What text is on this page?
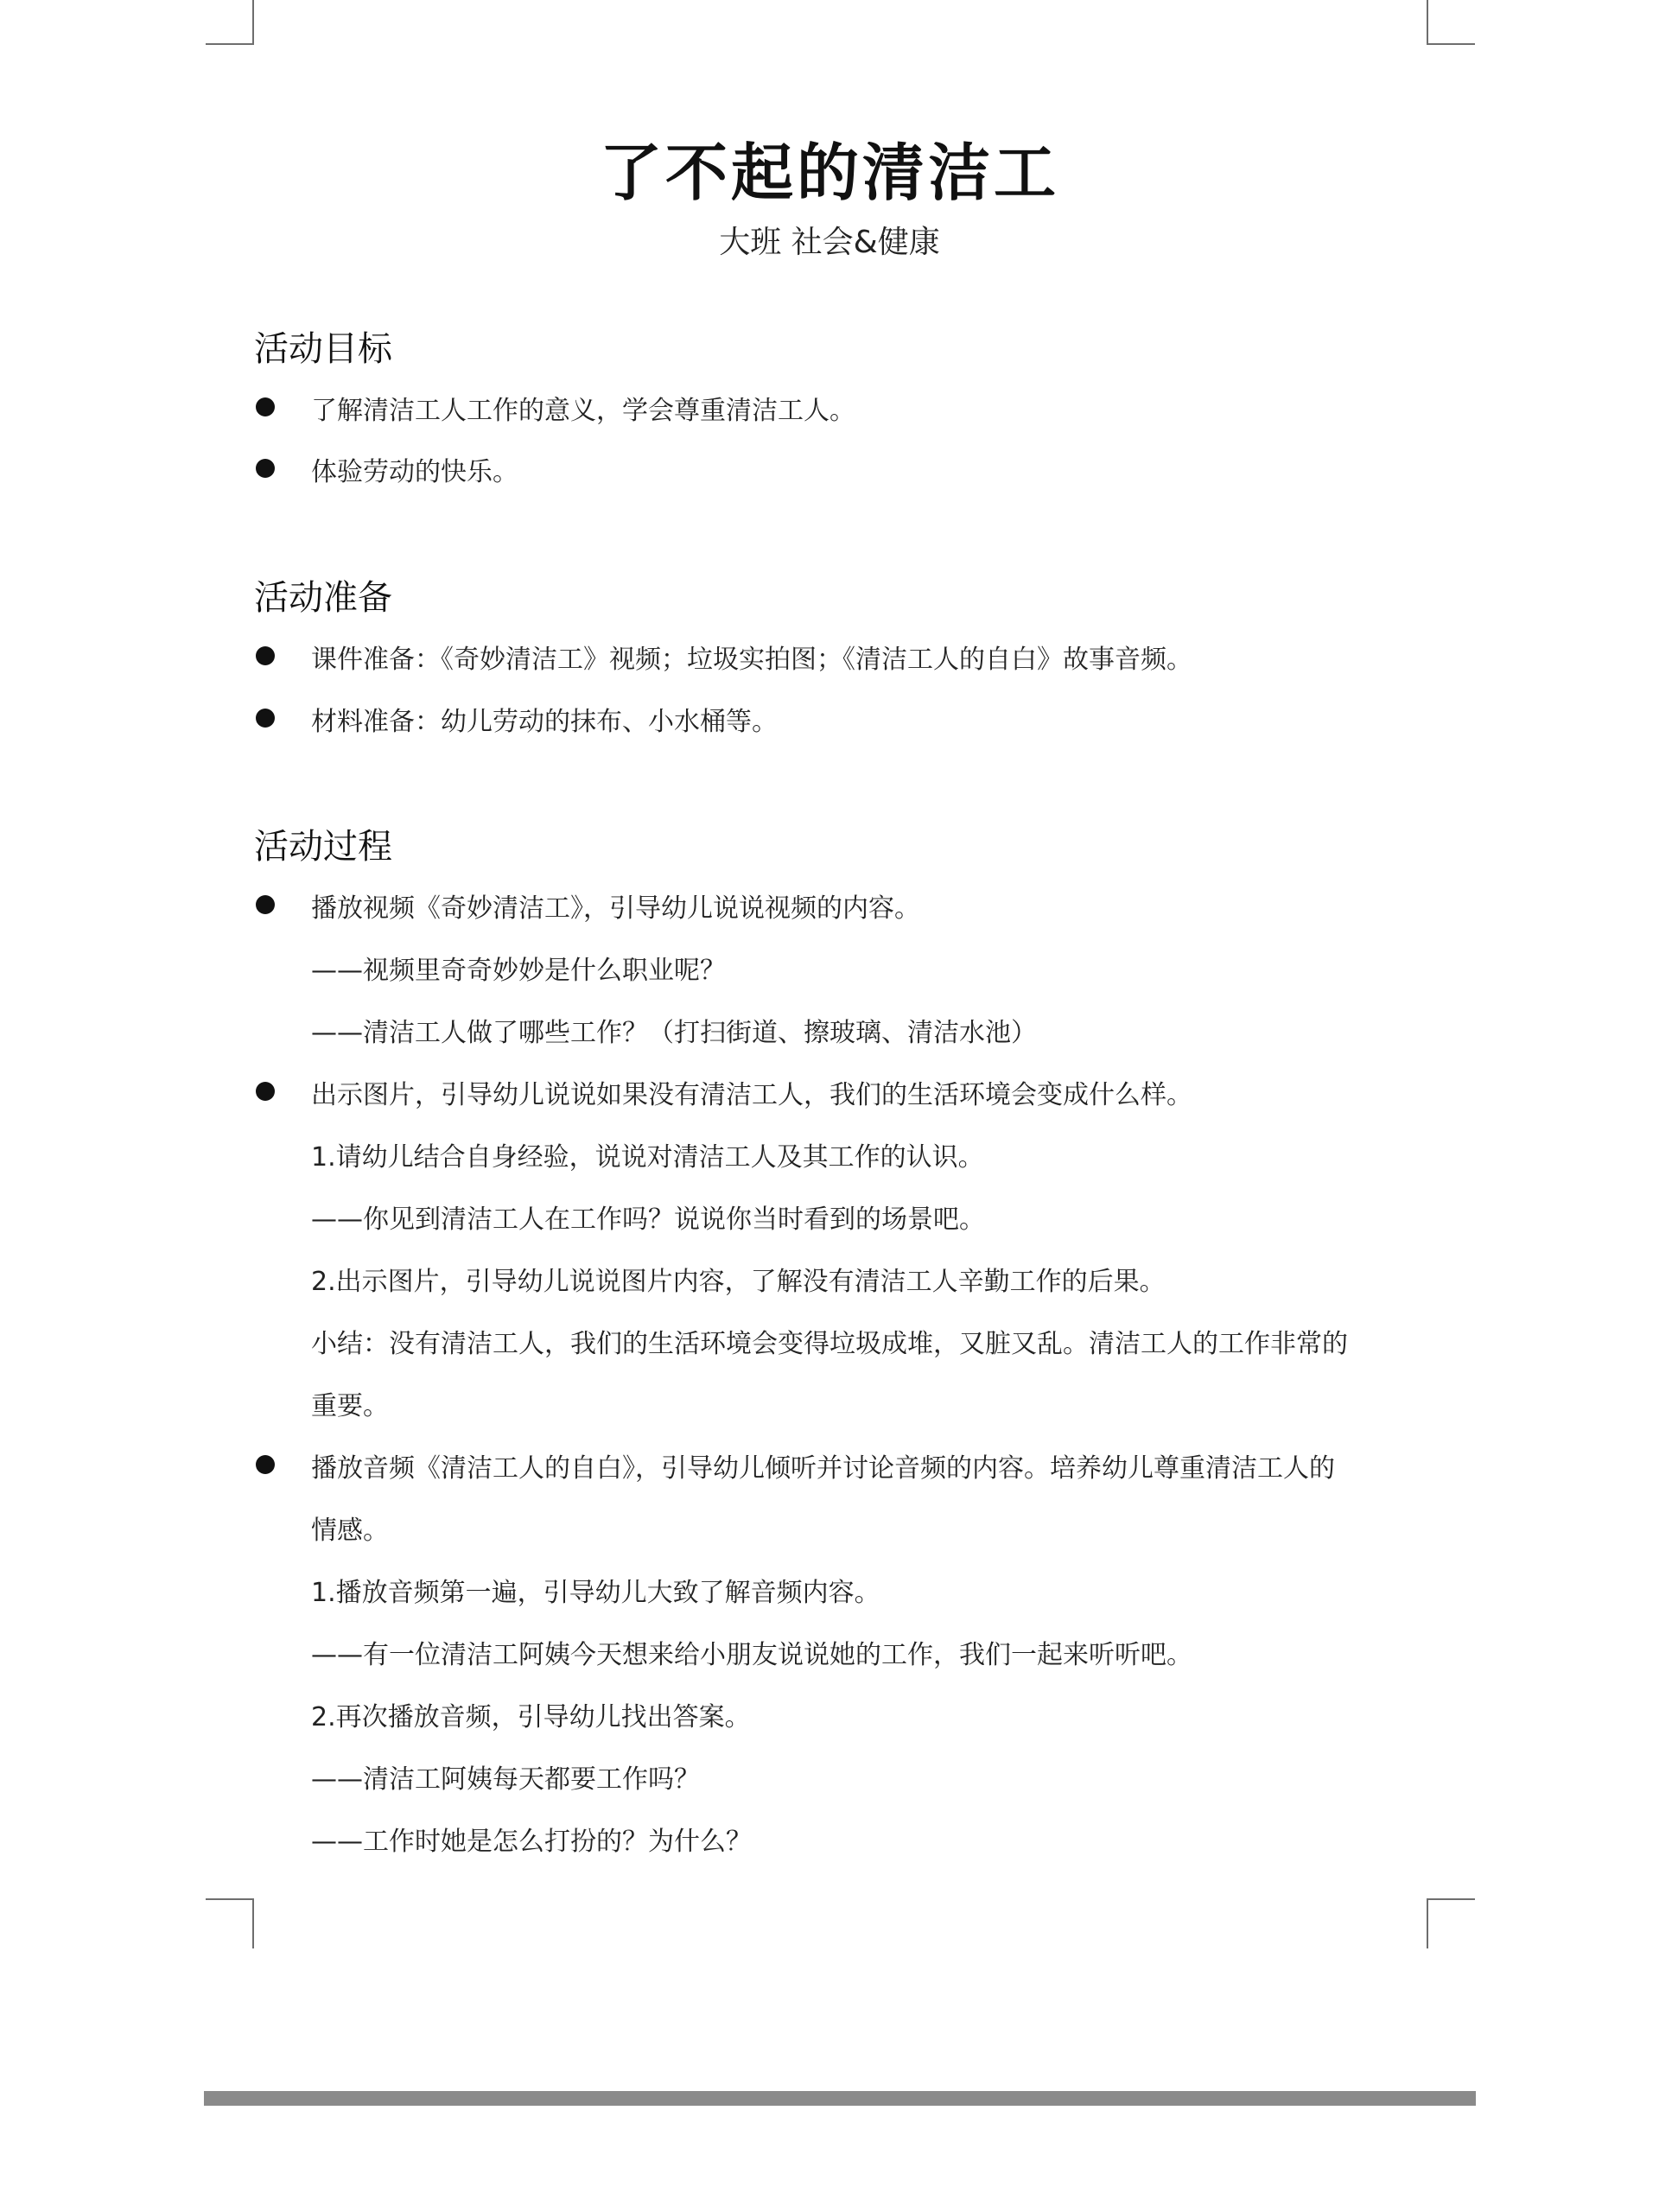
了不起的清洁工
大班 社会&健康
活动目标
了解清洁工人工作的意义，学会尊重清洁工人。
体验劳动的快乐。
活动准备
课件准备：《奇妙清洁工》视频；垃圾实拍图；《清洁工人的自白》故事音频。
材料准备：幼儿劳动的抹布、小水桶等。
活动过程
播放视频《奇妙清洁工》，引导幼儿说说视频的内容。
——视频里奇奇妙妙是什么职业呢？
——清洁工人做了哪些工作？（打扫街道、擦玻璃、清洁水池）
出示图片，引导幼儿说说如果没有清洁工人，我们的生活环境会变成什么样。
1.请幼儿结合自身经验，说说对清洁工人及其工作的认识。
——你见到清洁工人在工作吗？说说你当时看到的场景吧。
2.出示图片，引导幼儿说说图片内容，了解没有清洁工人辛勤工作的后果。
小结：没有清洁工人，我们的生活环境会变得垃圾成堆，又脏又乱。清洁工人的工作非常的
重要。
播放音频《清洁工人的自白》，引导幼儿倾听并讨论音频的内容。培养幼儿尊重清洁工人的
情感。
1.播放音频第一遍，引导幼儿大致了解音频内容。
——有一位清洁工阿姨今天想来给小朋友说说她的工作，我们一起来听听吧。
2.再次播放音频，引导幼儿找出答案。
——清洁工阿姨每天都要工作吗？
——工作时她是怎么打扮的？为什么？
